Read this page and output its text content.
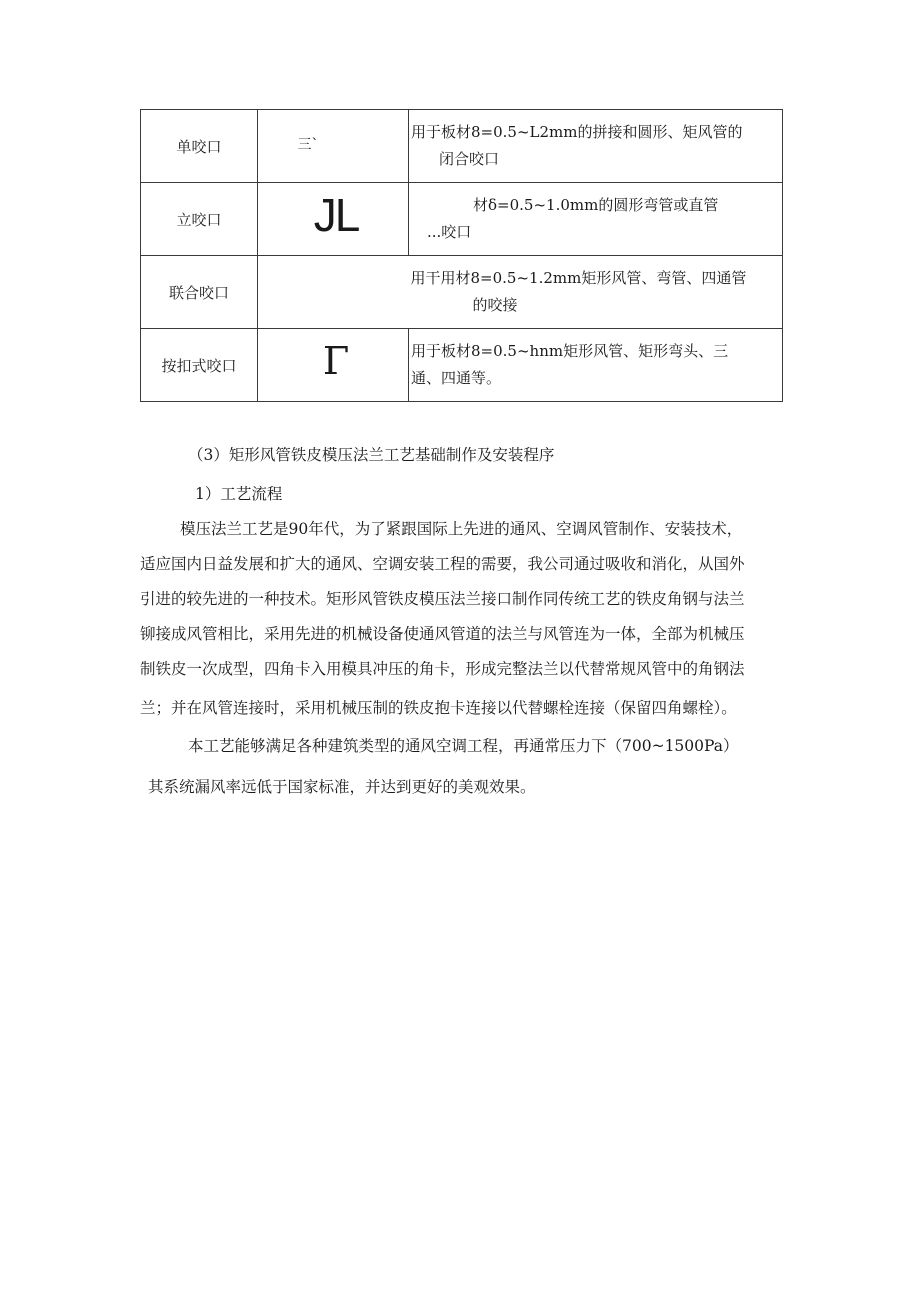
单咬口	三`	用于板材8=0.5~L2mm的拼接和圆形、矩风管的
闭合咬口

立咬口	JL	材δ=0.5~1.0mm的圆形弯管或直管
...咬口

联合咬口		用干用材8=0.5~1.2mm矩形风管、弯管、四通管
的咬接

按扣式咬口	Γ	用于板材8=0.5~hnm矩形风管、矩形弯头、三
通、四通等。
（3）矩形风管铁皮模压法兰工艺基础制作及安装程序
1）工艺流程
模压法兰工艺是90年代，为了紧跟国际上先进的通风、空调风管制作、安装技术，
适应国内日益发展和扩大的通风、空调安装工程的需要，我公司通过吸收和消化，从国外
引进的较先进的一种技术。矩形风管铁皮模压法兰接口制作同传统工艺的铁皮角钢与法兰
铆接成风管相比，采用先进的机械设备使通风管道的法兰与风管连为一体，全部为机械压
制铁皮一次成型，四角卡入用模具冲压的角卡，形成完整法兰以代替常规风管中的角钢法
兰；并在风管连接时，采用机械压制的铁皮抱卡连接以代替螺栓连接（保留四角螺栓）。
本工艺能够满足各种建筑类型的通风空调工程，再通常压力下（700~1500Pa）
其系统漏风率远低于国家标准，并达到更好的美观效果。
